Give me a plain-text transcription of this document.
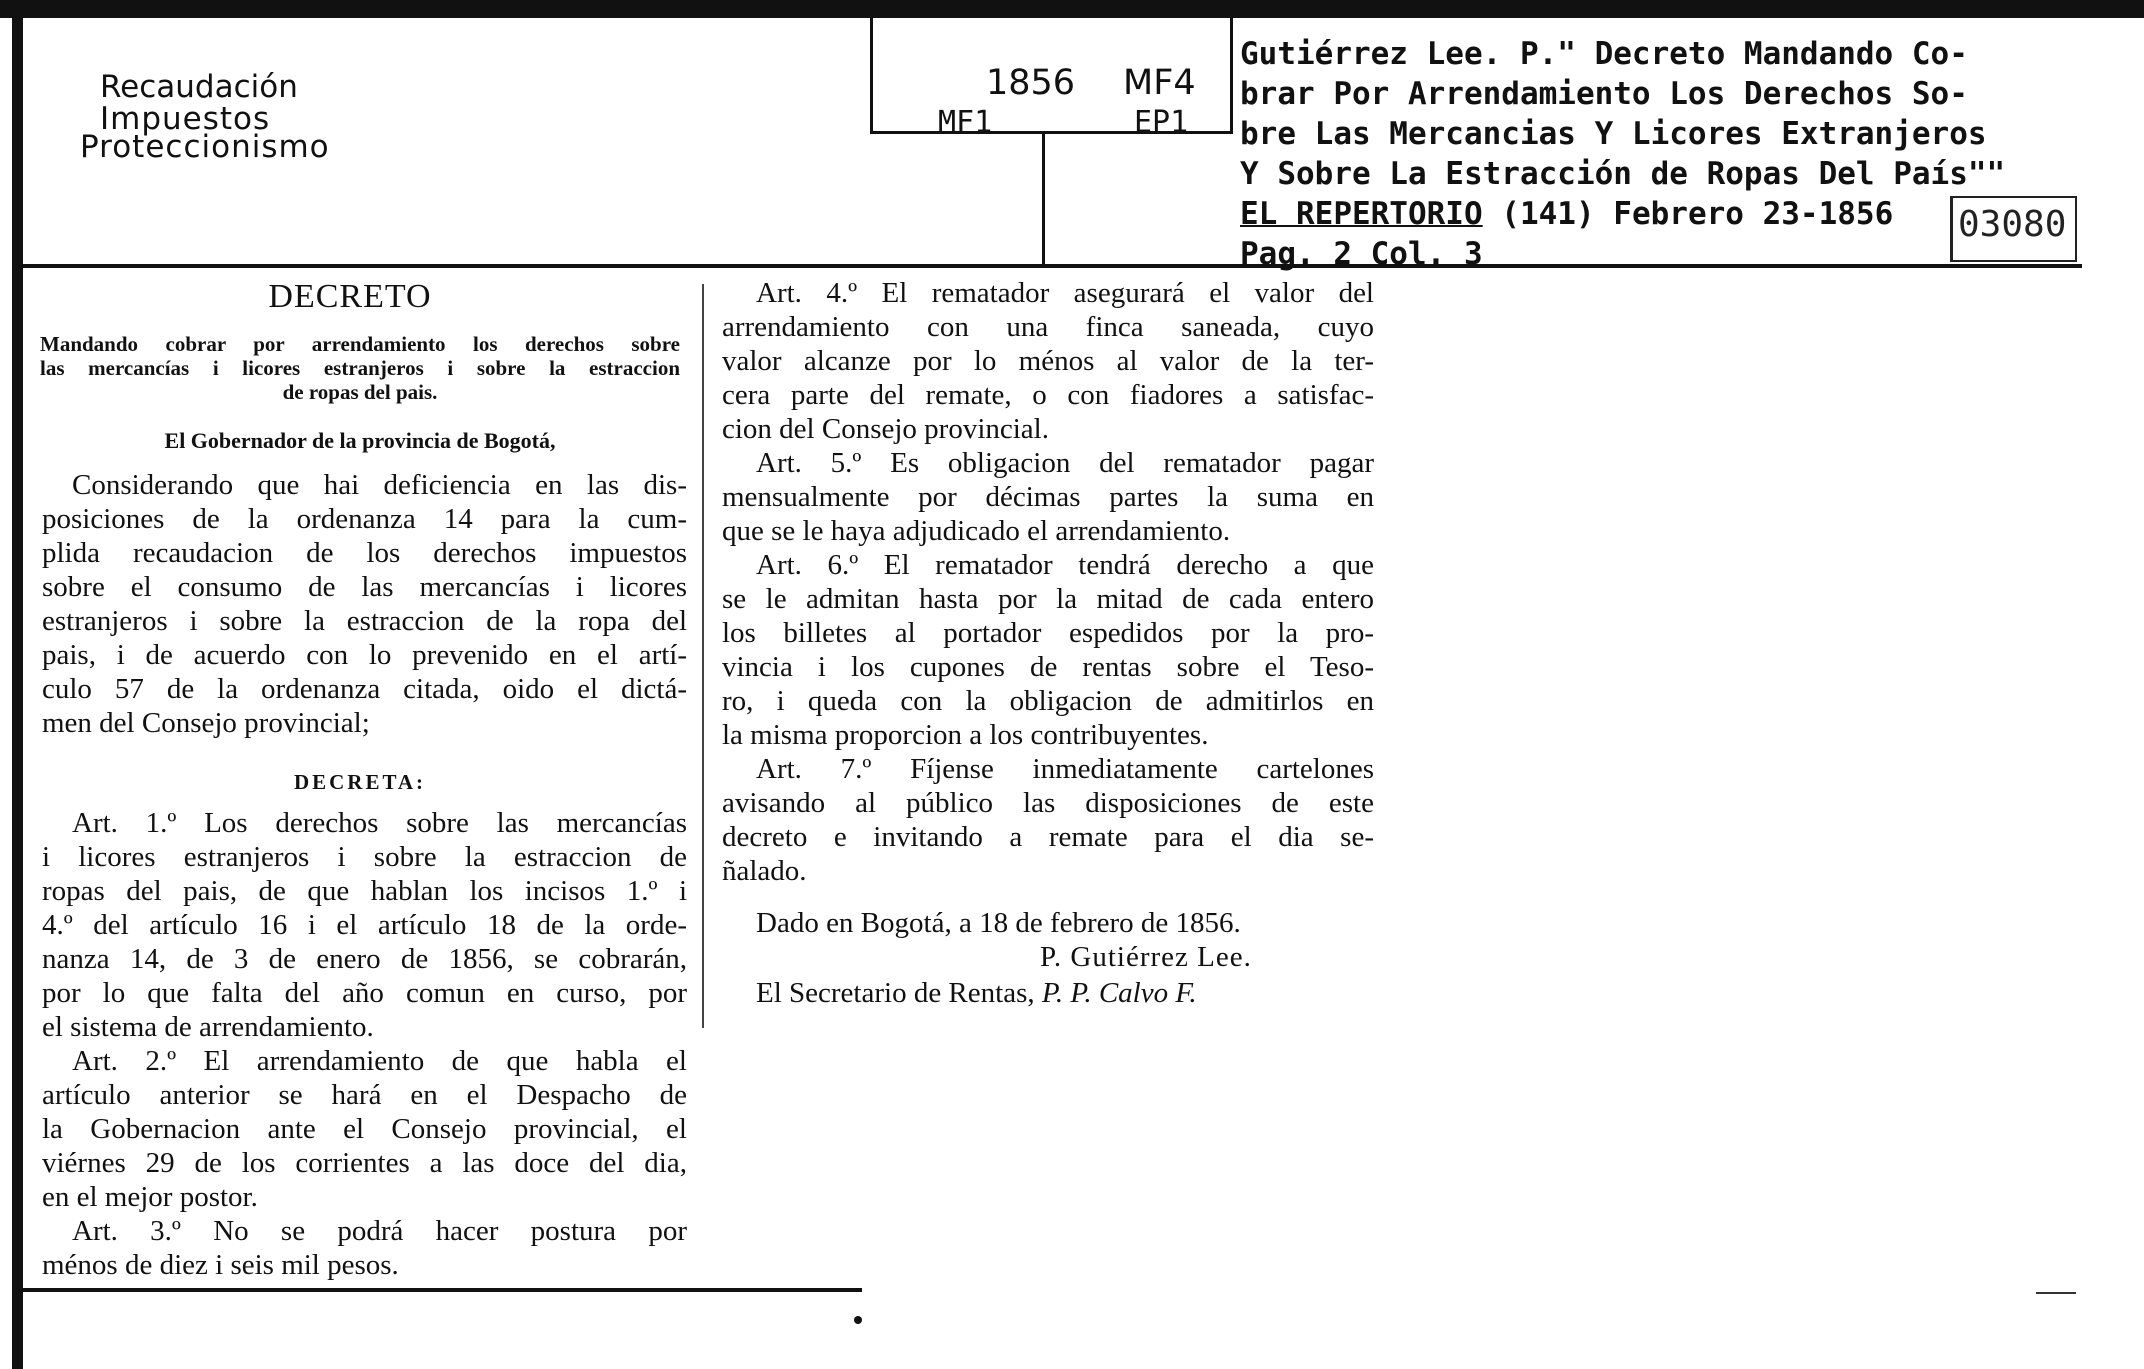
Recaudación
Impuestos
Proteccionismo
1856 MF4
MF1	EP1
Gutiérrez Lee. P." Decreto Mandando Co-
brar Por Arrendamiento Los Derechos So-
bre Las Mercancias Y Licores Extranjeros
Y Sobre La Estracción de Ropas Del País""
EL REPERTORIO (141) Febrero 23-1856
Pag. 2 Col. 3
03080
DECRETO
Mandando cobrar por arrendamiento los derechos sobre
las mercancías i licores estranjeros i sobre la estraccion
de ropas del pais.
El Gobernador de la provincia de Bogotá,
Considerando que hai deficiencia en las dis-
posiciones de la ordenanza 14 para la cum-
plida recaudacion de los derechos impuestos
sobre el consumo de las mercancías i licores
estranjeros i sobre la estraccion de la ropa del
pais, i de acuerdo con lo prevenido en el artí-
culo 57 de la ordenanza citada, oido el dictá-
men del Consejo provincial;
DECRETA:
Art. 1.º Los derechos sobre las mercancías
i licores estranjeros i sobre la estraccion de
ropas del pais, de que hablan los incisos 1.º i
4.º del artículo 16 i el artículo 18 de la orde-
nanza 14, de 3 de enero de 1856, se cobrarán,
por lo que falta del año comun en curso, por
el sistema de arrendamiento.
Art. 2.º El arrendamiento de que habla el
artículo anterior se hará en el Despacho de
la Gobernacion ante el Consejo provincial, el
viérnes 29 de los corrientes a las doce del dia,
en el mejor postor.
Art. 3.º No se podrá hacer postura por
ménos de diez i seis mil pesos.
Art. 4.º El rematador asegurará el valor del
arrendamiento con una finca saneada, cuyo
valor alcanze por lo ménos al valor de la ter-
cera parte del remate, o con fiadores a satisfac-
cion del Consejo provincial.
Art. 5.º Es obligacion del rematador pagar
mensualmente por décimas partes la suma en
que se le haya adjudicado el arrendamiento.
Art. 6.º El rematador tendrá derecho a que
se le admitan hasta por la mitad de cada entero
los billetes al portador espedidos por la pro-
vincia i los cupones de rentas sobre el Teso-
ro, i queda con la obligacion de admitirlos en
la misma proporcion a los contribuyentes.
Art. 7.º Fíjense inmediatamente cartelones
avisando al público las disposiciones de este
decreto e invitando a remate para el dia se-
ñalado.
Dado en Bogotá, a 18 de febrero de 1856.
P. Gutiérrez Lee.
El Secretario de Rentas, P. P. Calvo F.
